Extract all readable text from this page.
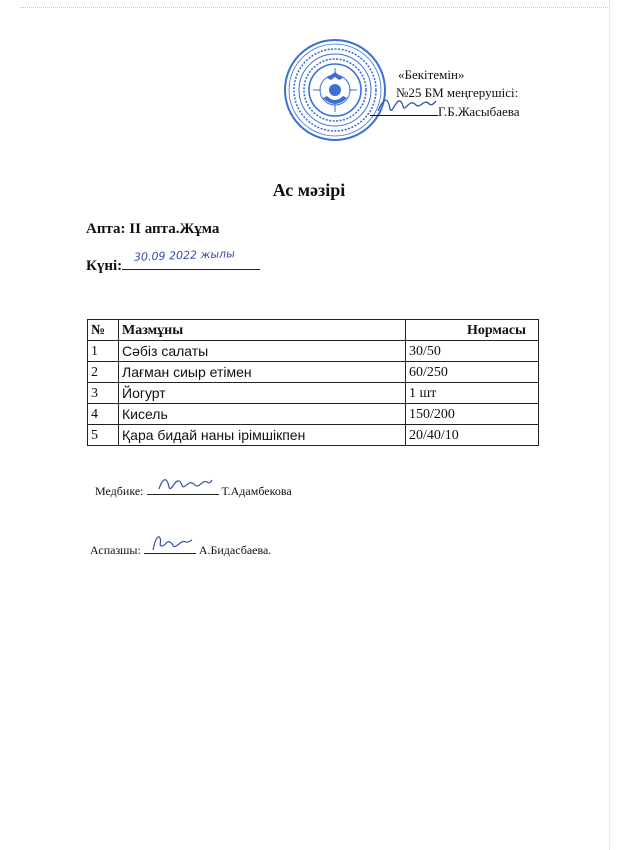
«Бекітемін»
№25 БМ меңгерушісі:
Г.Б.Жасыбаева
Ас мәзірі
Апта: ІІ апта.Жұма
Күні:
30.09 2022 жылы
№	Мазмұны	Нормасы
1	Сәбіз салаты	30/50
2	Лағман сиыр етімен	60/250
3	Йогурт	1 шт
4	Кисель	150/200
5	Қара бидай наны ірімшікпен	20/40/10
Медбике:	Т.Адамбекова
Аспазшы:	А.Бидасбаева.
